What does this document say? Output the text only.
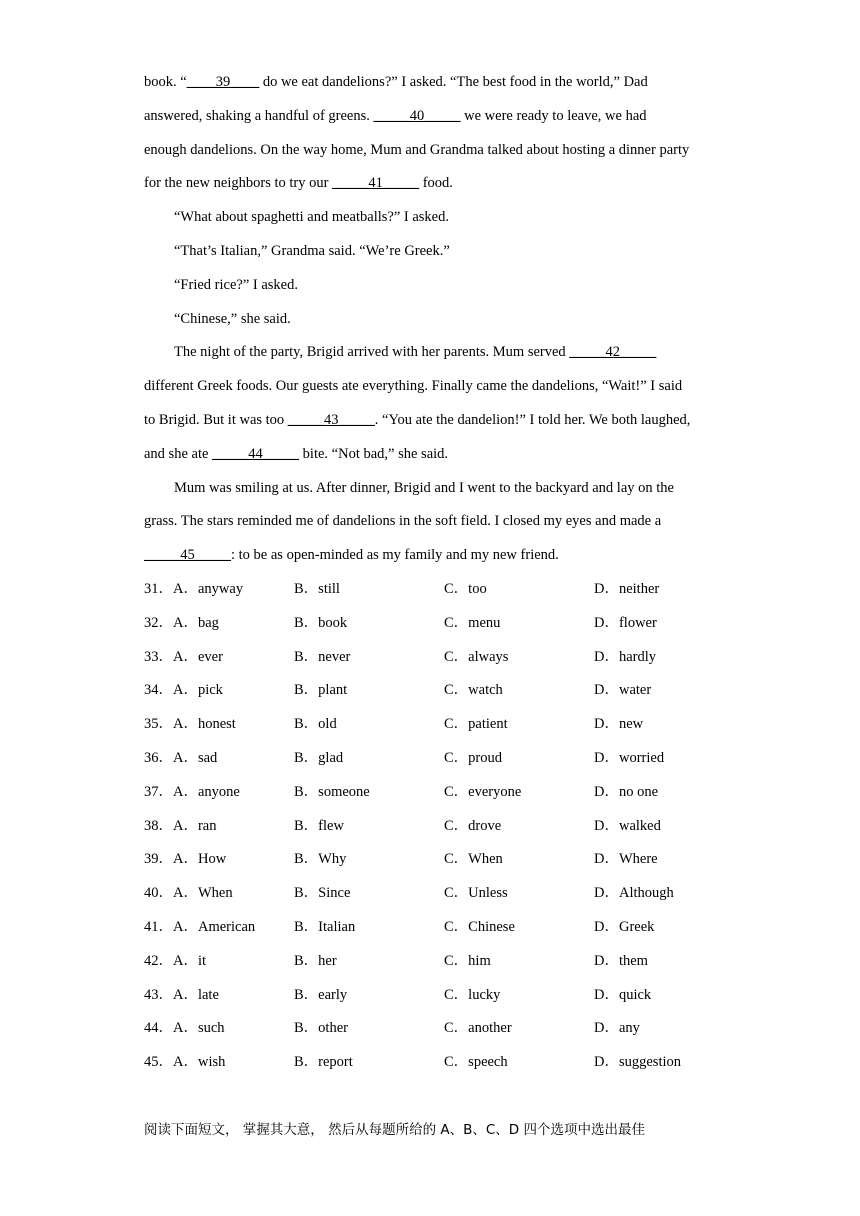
book. “____39____ do we eat dandelions?” I asked. “The best food in the world,” Dad
answered, shaking a handful of greens. _____40_____ we were ready to leave, we had
enough dandelions. On the way home, Mum and Grandma talked about hosting a dinner party
for the new neighbors to try our _____41_____ food.
“What about spaghetti and meatballs?” I asked.
“That’s Italian,” Grandma said. “We’re Greek.”
“Fried rice?” I asked.
“Chinese,” she said.
The night of the party, Brigid arrived with her parents. Mum served _____42_____
different Greek foods. Our guests ate everything. Finally came the dandelions, “Wait!” I said
to Brigid. But it was too _____43_____. “You ate the dandelion!” I told her. We both laughed,
and she ate _____44_____ bite. “Not bad,” she said.
Mum was smiling at us. After dinner, Brigid and I went to the backyard and lay on the
grass. The stars reminded me of dandelions in the soft field. I closed my eyes and made a
_____45_____: to be as open-minded as my family and my new friend.
31．A．anyway	B．still	C．too	D．neither
32．A．bag	B．book	C．menu	D．flower
33．A．ever	B．never	C．always	D．hardly
34．A．pick	B．plant	C．watch	D．water
35．A．honest	B．old	C．patient	D．new
36．A．sad	B．glad	C．proud	D．worried
37．A．anyone	B．someone	C．everyone	D．no one
38．A．ran	B．flew	C．drove	D．walked
39．A．How	B．Why	C．When	D．Where
40．A．When	B．Since	C．Unless	D．Although
41．A．American	B．Italian	C．Chinese	D．Greek
42．A．it	B．her	C．him	D．them
43．A．late	B．early	C．lucky	D．quick
44．A．such	B．other	C．another	D．any
45．A．wish	B．report	C．speech	D．suggestion
阅读下面短文， 掌握其大意， 然后从每题所给的 A、B、C、D 四个选项中选出最佳
